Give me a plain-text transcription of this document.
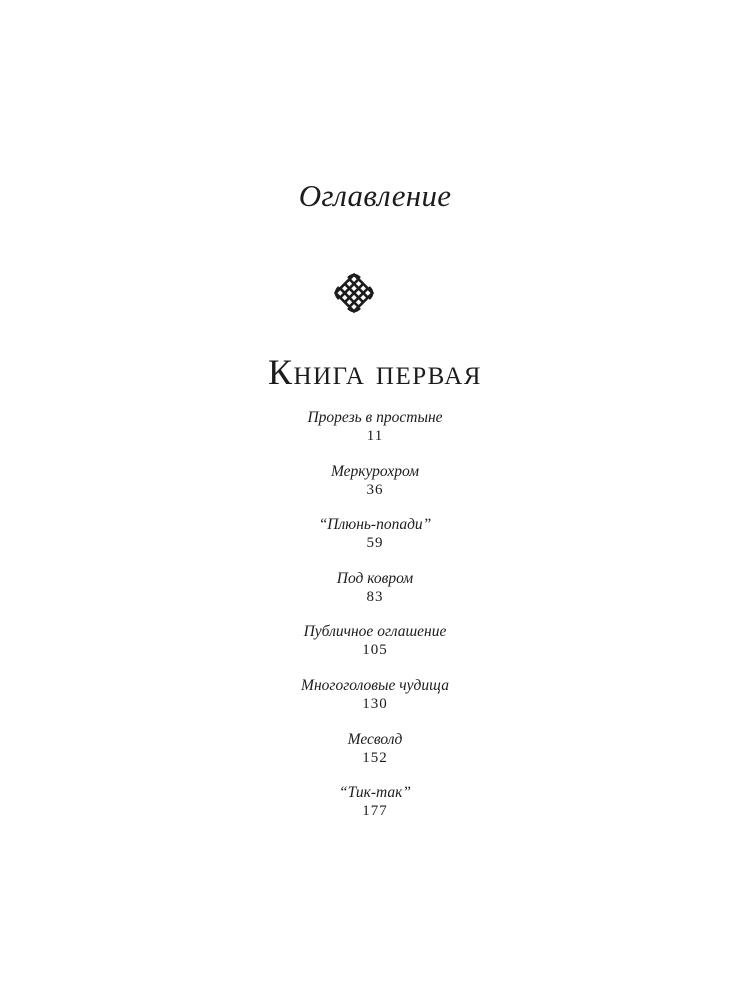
Оглавление
Книга первая
Прорезь в простыне
11
Меркурохром
36
“Плюнь-попади”
59
Под ковром
83
Публичное оглашение
105
Многоголовые чудища
130
Месволд
152
“Тик-так”
177
